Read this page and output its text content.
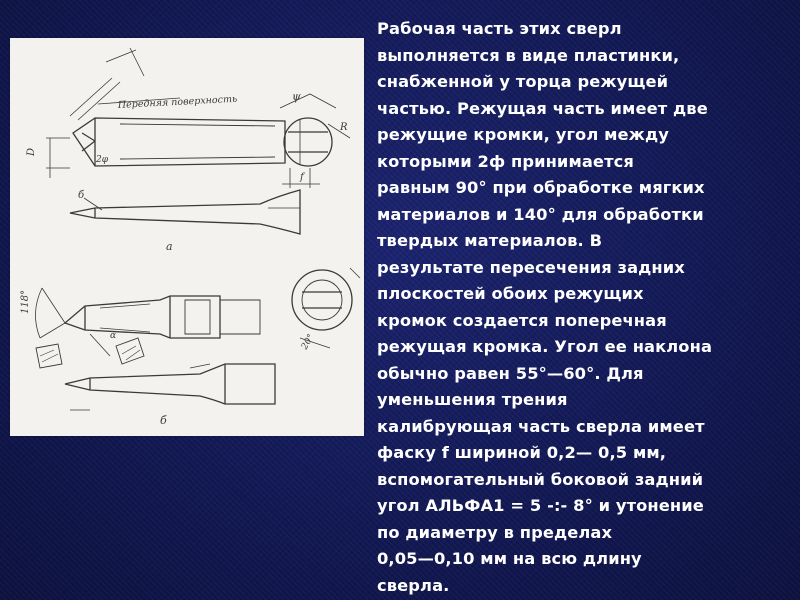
Передняя поверхность
D
2φ
ψ
R
f
б
а
118°
20°
α
б

Рабочая часть этих сверл
выполняется в виде пластинки,
снабженной у торца режущей
частью. Режущая часть имеет две
режущие кромки, угол между
которыми 2ф принимается
равным 90° при обработке мягких
материалов и 140° для обработки
твердых материалов. В
результате пересечения задних
плоскостей обоих режущих
кромок создается поперечная
режущая кромка. Угол ее наклона
обычно равен 55°—60°. Для
уменьшения трения
калибрующая часть сверла имеет
фаску f шириной 0,2— 0,5 мм,
вспомогательный боковой задний
угол АЛЬФА1 = 5 -:- 8° и утонение
по диаметру в пределах
0,05—0,10 мм на всю длину
сверла.
